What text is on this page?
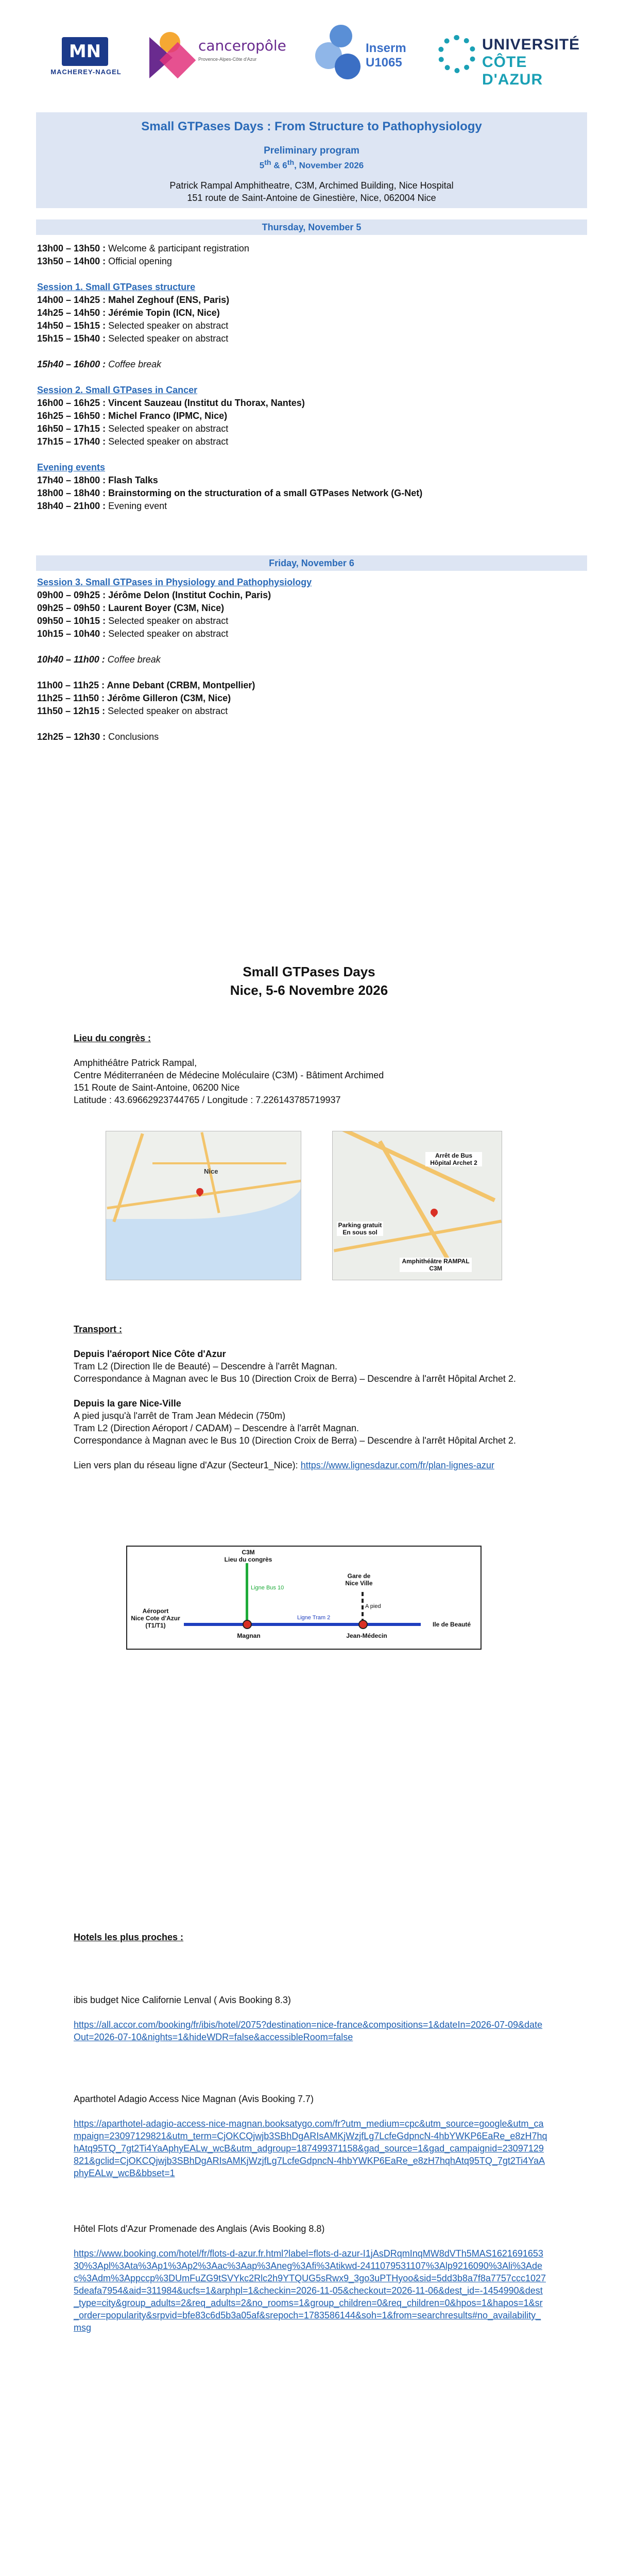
MN
MACHEREY-NAGEL
canceropôle
Provence-Alpes-Côte d'Azur
Inserm
U1065
UNIVERSITÉ
CÔTE D'AZUR
Small GTPases Days : From Structure to Pathophysiology
Preliminary program
5th & 6th, November 2026
Patrick Rampal Amphitheatre, C3M, Archimed Building, Nice Hospital
151 route de Saint-Antoine de Ginestière, Nice, 062004 Nice
Thursday, November 5
13h00 – 13h50 : Welcome & participant registration
13h50 – 14h00 : Official opening
Session 1. Small GTPases structure
14h00 – 14h25 : Mahel Zeghouf (ENS, Paris)
14h25 – 14h50 : Jérémie Topin (ICN, Nice)
14h50 – 15h15 : Selected speaker on abstract
15h15 – 15h40 : Selected speaker on abstract
15h40 – 16h00 : Coffee break
Session 2. Small GTPases in Cancer
16h00 – 16h25 : Vincent Sauzeau (Institut du Thorax, Nantes)
16h25 – 16h50 : Michel Franco (IPMC, Nice)
16h50 – 17h15 : Selected speaker on abstract
17h15 – 17h40 : Selected speaker on abstract
Evening events
17h40 – 18h00 : Flash Talks
18h00 – 18h40 : Brainstorming on the structuration of a small GTPases Network (G-Net)
18h40 – 21h00 : Evening event
Friday, November 6
Session 3. Small GTPases in Physiology and Pathophysiology
09h00 – 09h25 : Jérôme Delon (Institut Cochin, Paris)
09h25 – 09h50 : Laurent Boyer (C3M, Nice)
09h50 – 10h15 : Selected speaker on abstract
10h15 – 10h40 : Selected speaker on abstract
10h40 – 11h00 : Coffee break
11h00 – 11h25 : Anne Debant (CRBM, Montpellier)
11h25 – 11h50 : Jérôme Gilleron (C3M, Nice)
11h50 – 12h15 : Selected speaker on abstract
12h25 – 12h30 : Conclusions
Small GTPases Days
Nice, 5-6 Novembre 2026
Lieu du congrès :
Amphithéâtre Patrick Rampal,
Centre Méditerranéen de Médecine Moléculaire (C3M) - Bâtiment Archimed
151 Route de Saint-Antoine, 06200 Nice
Latitude : 43.69662923744765 / Longitude : 7.226143785719937
Nice
Arrêt de Bus
Hôpital Archet 2
Parking gratuit
En sous sol
Amphithéâtre RAMPAL
C3M
Transport :
Depuis l'aéroport Nice Côte d'Azur
Tram L2 (Direction Ile de Beauté) – Descendre à l'arrêt Magnan.
Correspondance à Magnan avec le Bus 10 (Direction Croix de Berra) – Descendre à l'arrêt Hôpital Archet 2.
Depuis la gare Nice-Ville
A pied jusqu'à l'arrêt de Tram Jean Médecin (750m)
Tram L2 (Direction Aéroport / CADAM) – Descendre à l'arrêt Magnan.
Correspondance à Magnan avec le Bus 10 (Direction Croix de Berra) – Descendre à l'arrêt Hôpital Archet 2.
Lien vers plan du réseau ligne d'Azur (Secteur1_Nice): https://www.lignesdazur.com/fr/plan-lignes-azur
C3M
Lieu du congrès
Ligne Bus 10
Gare de
Nice Ville
A pied
Ligne Tram 2
Aéroport
Nice Cote d'Azur
(T1/T1)
Magnan	Jean-Médecin
Ile de Beauté
Hotels les plus proches :
ibis budget Nice Californie Lenval ( Avis Booking 8.3)
https://all.accor.com/booking/fr/ibis/hotel/2075?destination=nice-france&compositions=1&dateIn=2026-07-09&dateOut=2026-07-10&nights=1&hideWDR=false&accessibleRoom=false
Aparthotel Adagio Access Nice Magnan (Avis Booking 7.7)
https://aparthotel-adagio-access-nice-magnan.booksatygo.com/fr?utm_medium=cpc&utm_source=google&utm_campaign=23097129821&utm_term=CjOKCQjwjb3SBhDgARIsAMKjWzjfLg7LcfeGdpncN-4hbYWKP6EaRe_e8zH7hqhAtq95TQ_7gt2Ti4YaAphyEALw_wcB&utm_adgroup=187499371158&gad_source=1&gad_campaignid=23097129821&gclid=CjOKCQjwjb3SBhDgARIsAMKjWzjfLg7LcfeGdpncN-4hbYWKP6EaRe_e8zH7hqhAtq95TQ_7gt2Ti4YaAphyEALw_wcB&bbset=1
Hôtel Flots d'Azur Promenade des Anglais (Avis Booking 8.8)
https://www.booking.com/hotel/fr/flots-d-azur.fr.html?label=flots-d-azur-I1jAsDRqmInqMW8dVTh5MAS162169165330%3Apl%3Ata%3Ap1%3Ap2%3Aac%3Aap%3Aneg%3Afi%3Atikwd-2411079531107%3Alp9216090%3Ali%3Adec%3Adm%3Appccp%3DUmFuZG9tSVYkc2Rlc2h9YTQUG5sRwx9_3go3uPTHyoo&sid=5dd3b8a7f8a7757ccc10275deafa7954&aid=311984&ucfs=1&arphpl=1&checkin=2026-11-05&checkout=2026-11-06&dest_id=-1454990&dest_type=city&group_adults=2&req_adults=2&no_rooms=1&group_children=0&req_children=0&hpos=1&hapos=1&sr_order=popularity&srpvid=bfe83c6d5b3a05af&srepoch=1783586144&soh=1&from=searchresults#no_availability_msg
